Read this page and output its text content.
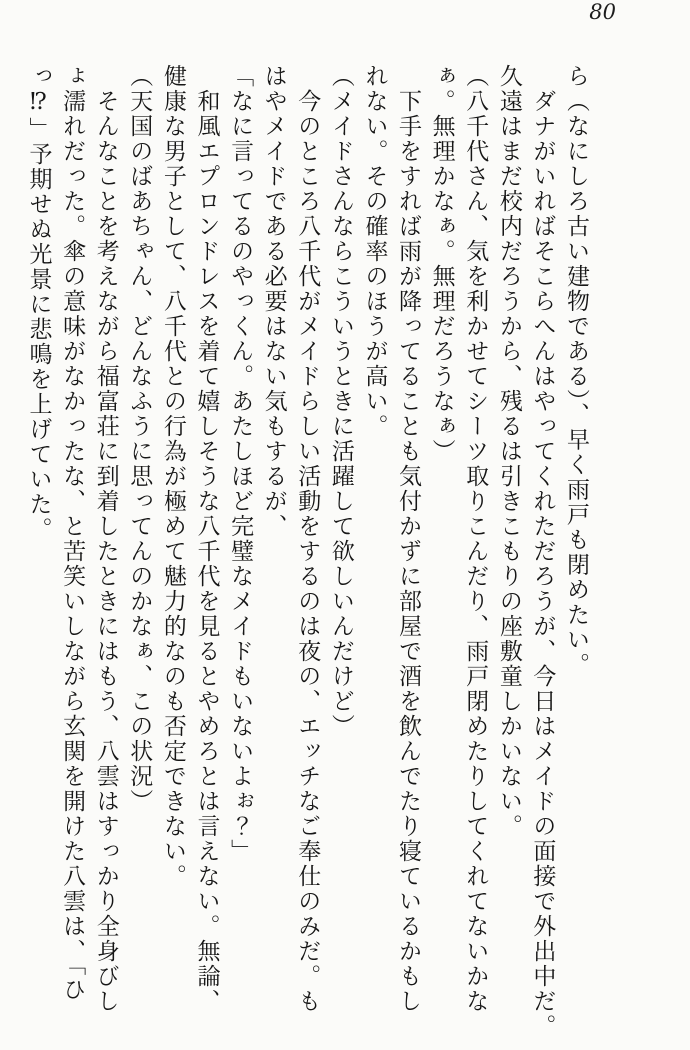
80
ら（なにしろ古い建物である）、早く雨戸も閉めたい。
ダナがいればそこらへんはやってくれただろうが、今日はメイドの面接で外出中だ。
久遠はまだ校内だろうから、残るは引きこもりの座敷童しかいない。
（八千代さん、気を利かせてシーツ取りこんだり、雨戸閉めたりしてくれてないかな
ぁ。無理かなぁ。無理だろうなぁ）
下手をすれば雨が降ってることも気付かずに部屋で酒を飲んでたり寝ているかもし
れない。その確率のほうが高い。
（メイドさんならこういうときに活躍して欲しいんだけど）
今のところ八千代がメイドらしい活動をするのは夜の、エッチなご奉仕のみだ。も
はやメイドである必要はない気もするが、
「なに言ってるのやっくん。あたしほど完璧なメイドもいないよぉ？」
和風エプロンドレスを着て嬉しそうな八千代を見るとやめろとは言えない。無論、
健康な男子として、八千代との行為が極めて魅力的なのも否定できない。
（天国のばあちゃん、どんなふうに思ってんのかなぁ、この状況）
そんなことを考えながら福富荘に到着したときにはもう、八雲はすっかり全身びし
ょ濡れだった。傘の意味がなかったな、と苦笑いしながら玄関を開けた八雲は、「ひ
っ⁉」予期せぬ光景に悲鳴を上げていた。
